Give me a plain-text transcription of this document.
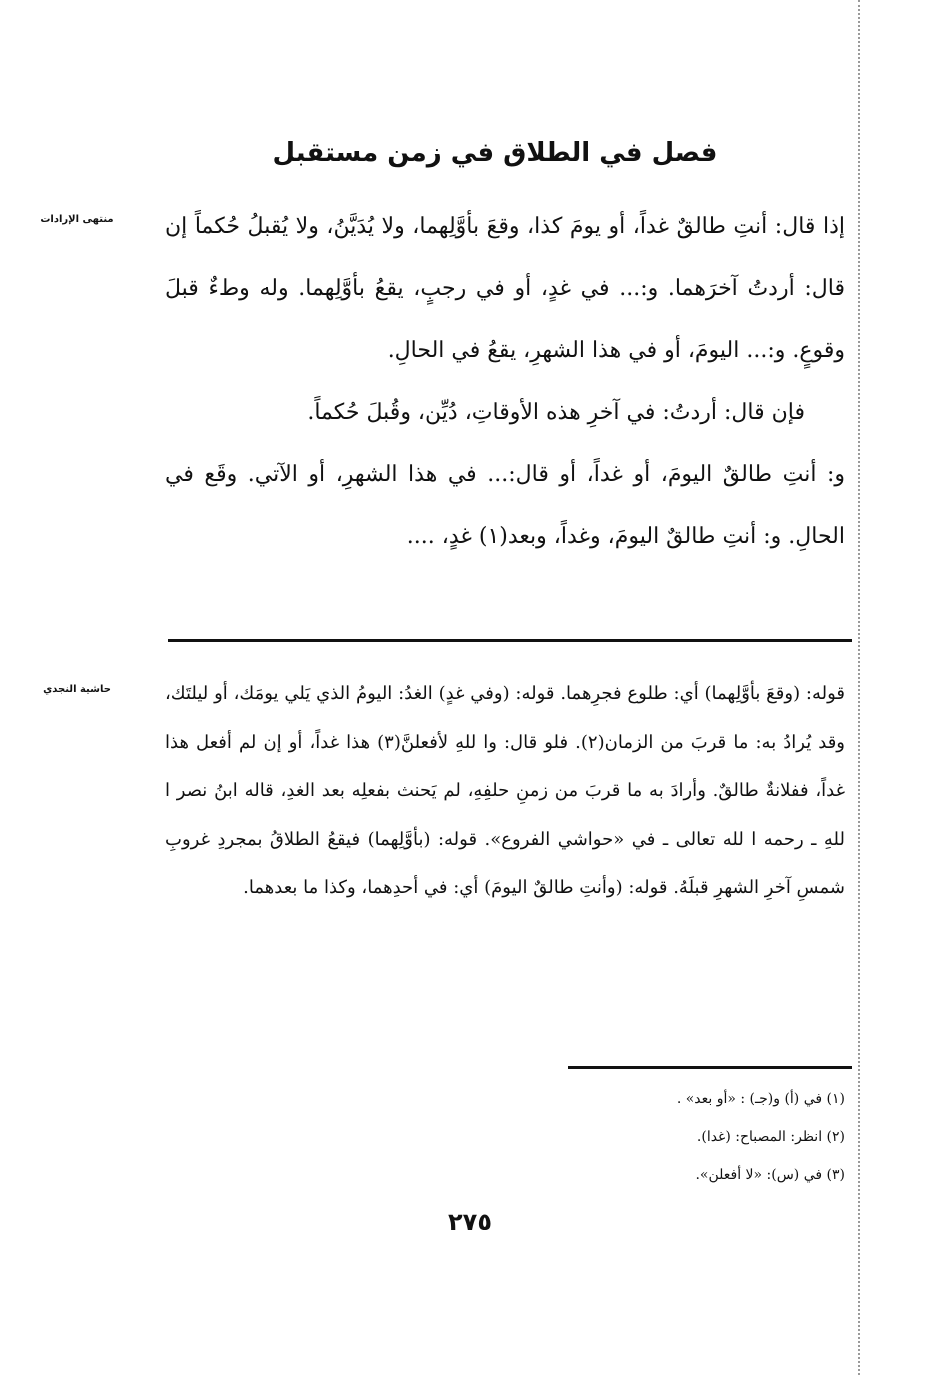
فصل في الطلاق في زمن مستقبل
منتهى الإرادات	إذا قال: أنتِ طالقٌ غداً، أو يومَ كذا، وقعَ بأوَّلِهما، ولا يُدَيَّنُ، ولا يُقبلُ حُكماً إن قال: أردتُ آخرَهما. و:... في غدٍ، أو في رجبٍ، يقعُ بأوَّلِهما. وله وطءٌ قبلَ وقوعٍ. و:... اليومَ، أو في هذا الشهرِ، يقعُ في الحالِ.

فإن قال: أردتُ: في آخرِ هذه الأوقاتِ، دُيِّن، وقُبلَ حُكماً.

و: أنتِ طالقٌ اليومَ، أو غداً، أو قال:... في هذا الشهرِ، أو الآتي. وقَع في الحالِ. و: أنتِ طالقٌ اليومَ، وغداً، وبعد(١) غدٍ، ....

حاشية النجدي	قوله: (وقعَ بأوَّلِهما) أي: طلوع فجرِهما. قوله: (وفي غدٍ) الغدُ: اليومُ الذي يَلي يومَك، أو ليلتَك، وقد يُرادُ به: ما قربَ من الزمان(٢). فلو قال: وا للهِ لأفعلنَّ(٣) هذا غداً، أو إن لم أفعل هذا غداً، ففلانةٌ طالقٌ. وأرادَ به ما قربَ من زمنِ حلفِهِ، لم يَحنث بفعلِه بعد الغدِ، قاله ابنُ نصر ا للهِ ـ رحمه ا لله تعالى ـ في «حواشي الفروع». قوله: (بأوَّلِهما) فيقعُ الطلاقُ بمجردِ غروبِ شمسِ آخرِ الشهرِ قبلَهُ. قوله: (وأنتِ طالقٌ اليومَ) أي: في أحدِهما، وكذا ما بعدهما.

(١) في (أ) و(جـ) : «أو بعد» .
(٢) انظر: المصباح: (غدا).
(٣) في (س): «لا أفعلن».
٢٧٥
